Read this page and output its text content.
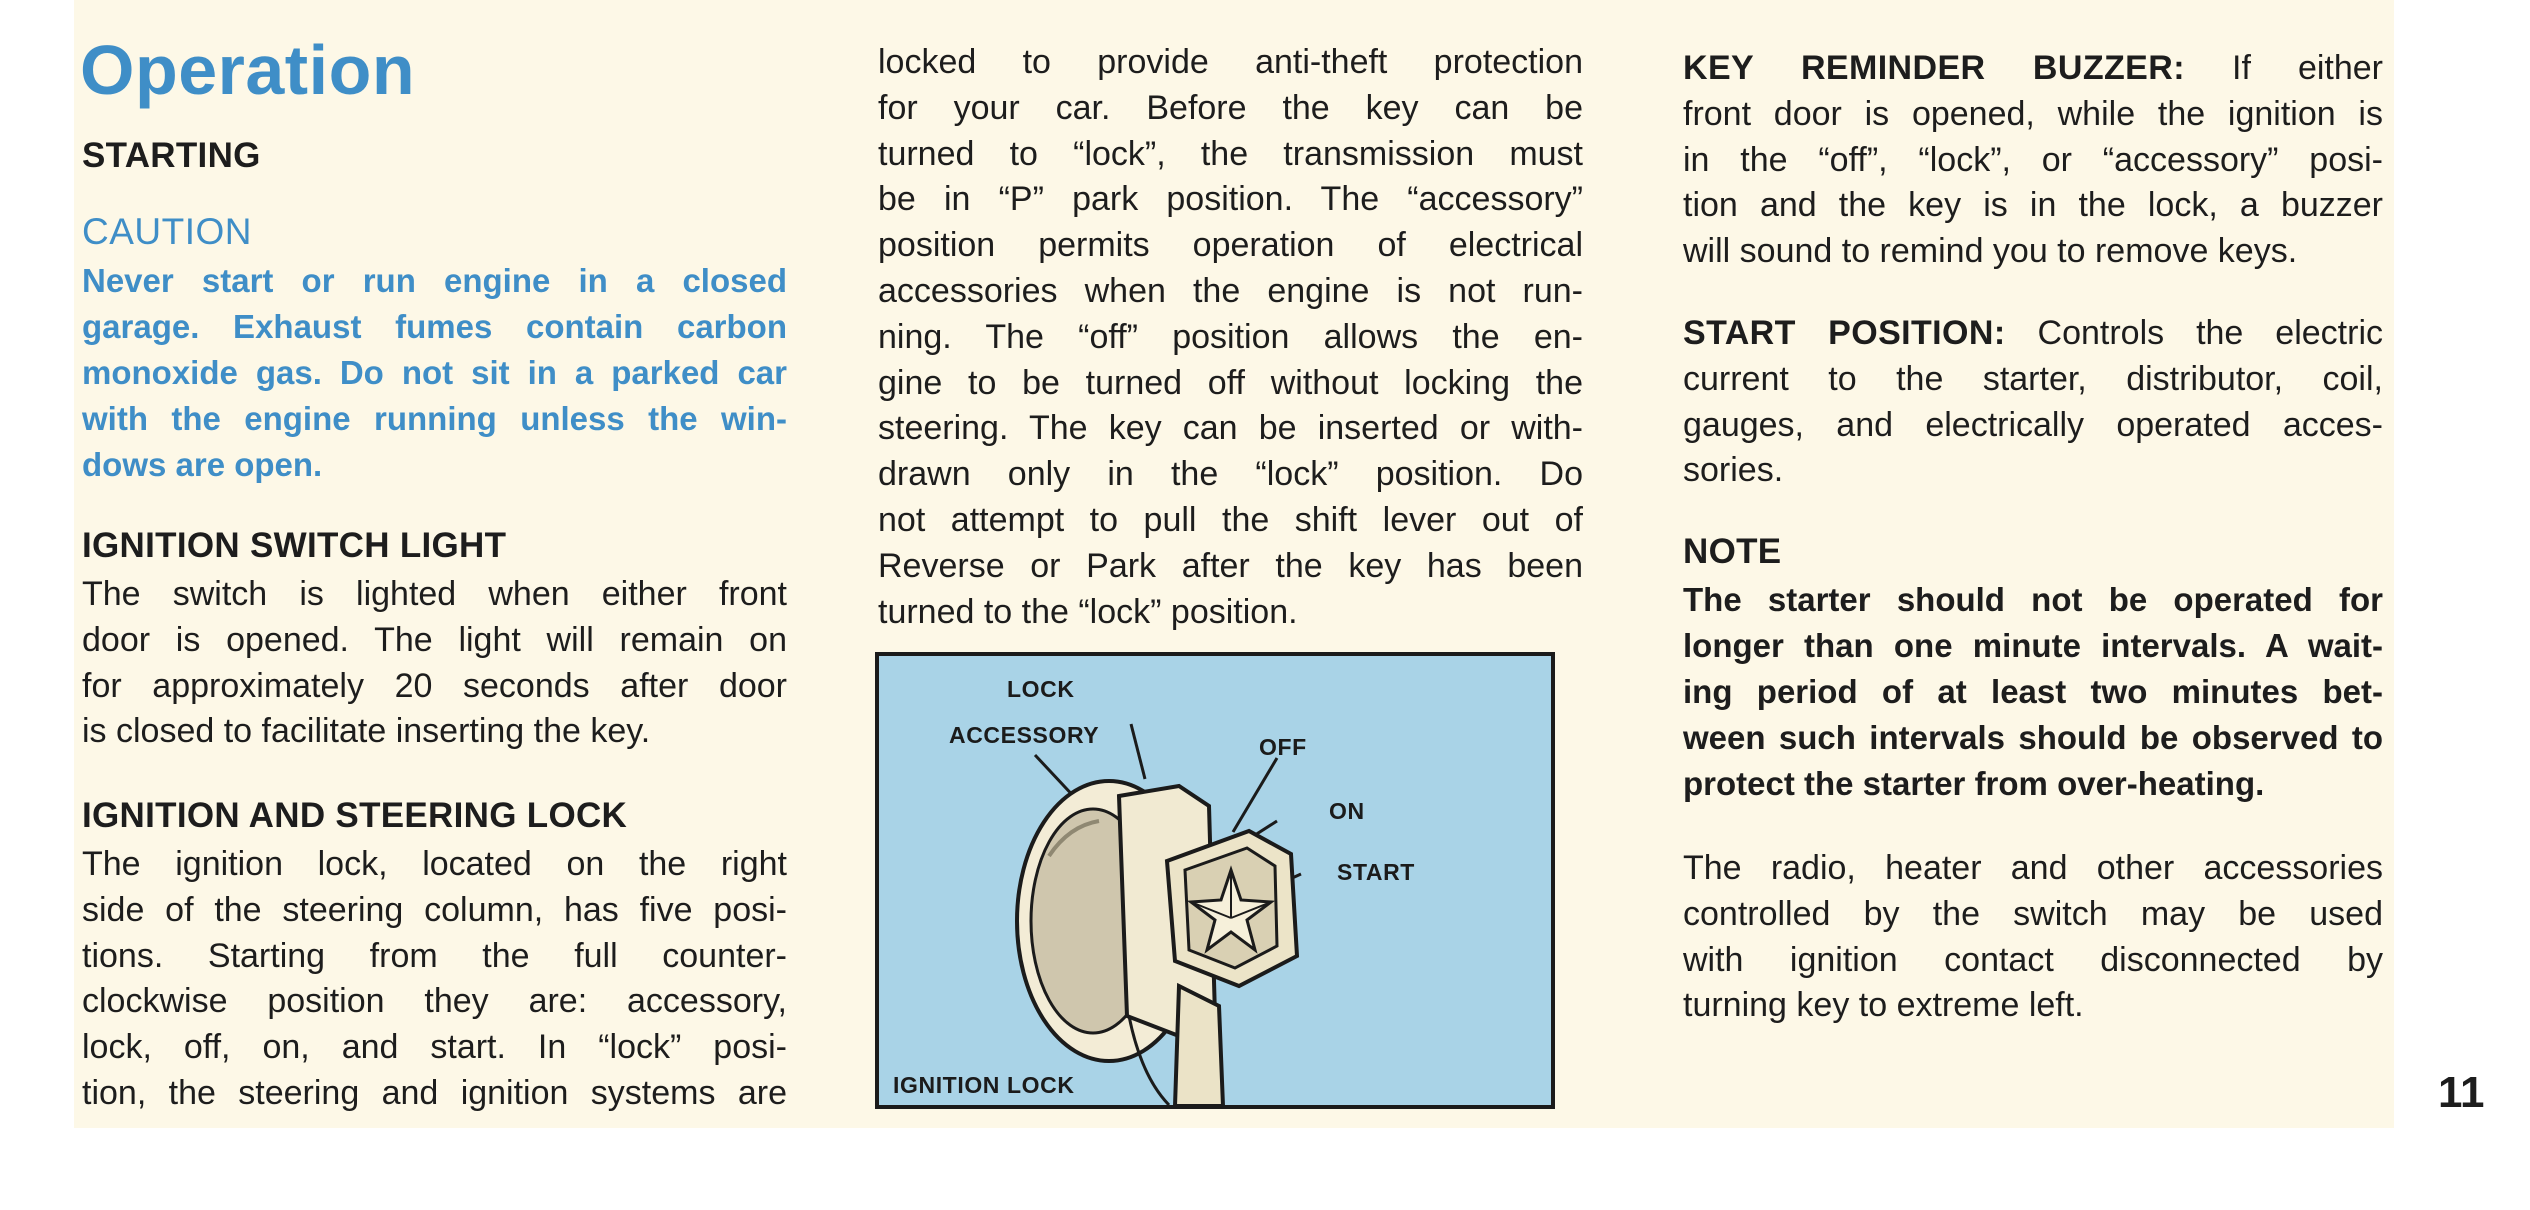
Operation
STARTING
CAUTION
Never start or run engine in a closed
garage. Exhaust fumes contain carbon
monoxide gas. Do not sit in a parked car
with the engine running unless the win-
dows are open.
IGNITION SWITCH LIGHT
The switch is lighted when either front
door is opened. The light will remain on
for approximately 20 seconds after door
is closed to facilitate inserting the key.
IGNITION AND STEERING LOCK
The ignition lock, located on the right
side of the steering column, has five posi-
tions. Starting from the full counter-
clockwise position they are: accessory,
lock, off, on, and start. In “lock” posi-
tion, the steering and ignition systems are
locked to provide anti-theft protection
for your car. Before the key can be
turned to “lock”, the transmission must
be in “P” park position. The “accessory”
position permits operation of electrical
accessories when the engine is not run-
ning. The “off” position allows the en-
gine to be turned off without locking the
steering. The key can be inserted or with-
drawn only in the “lock” position. Do
not attempt to pull the shift lever out of
Reverse or Park after the key has been
turned to the “lock” position.
LOCK
ACCESSORY	OFF
ON
START
IGNITION LOCK
KEY REMINDER BUZZER: If either
front door is opened, while the ignition is
in the “off”, “lock”, or “accessory” posi-
tion and the key is in the lock, a buzzer
will sound to remind you to remove keys.
START POSITION: Controls the electric
current to the starter, distributor, coil,
gauges, and electrically operated acces-
sories.
NOTE
The starter should not be operated for
longer than one minute intervals. A wait-
ing period of at least two minutes bet-
ween such intervals should be observed to
protect the starter from over-heating.
The radio, heater and other accessories
controlled by the switch may be used
with ignition contact disconnected by
turning key to extreme left.
11
